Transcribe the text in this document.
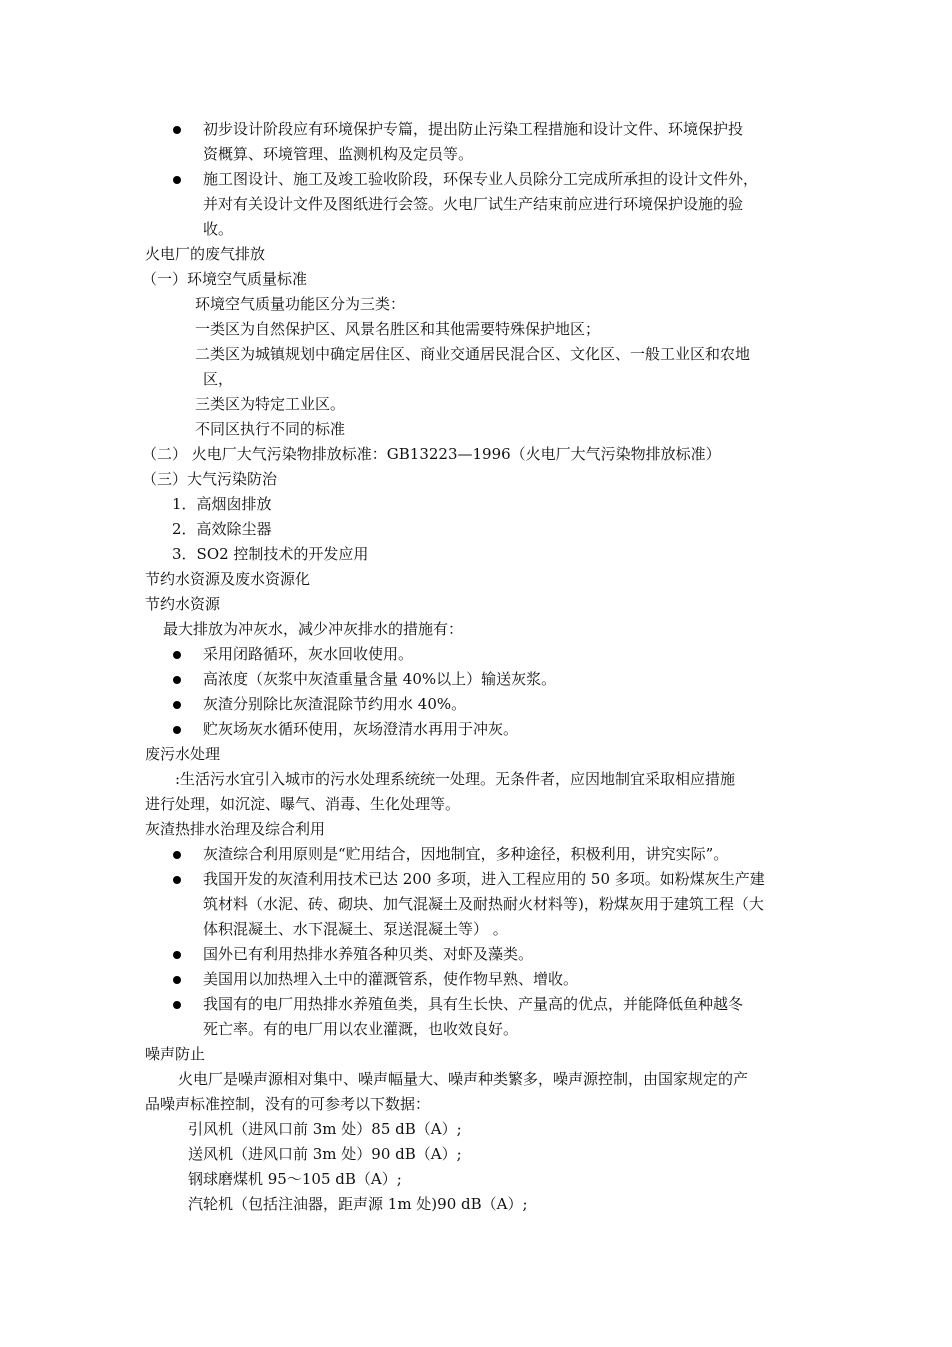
初步设计阶段应有环境保护专篇，提出防止污染工程措施和设计文件、环境保护投
资概算、环境管理、监测机构及定员等。
施工图设计、施工及竣工验收阶段，环保专业人员除分工完成所承担的设计文件外，
并对有关设计文件及图纸进行会签。火电厂试生产结束前应进行环境保护设施的验
收。
火电厂的废气排放
（一）环境空气质量标准
环境空气质量功能区分为三类：
一类区为自然保护区、风景名胜区和其他需要特殊保护地区；
二类区为城镇规划中确定居住区、商业交通居民混合区、文化区、一般工业区和农地
区，
三类区为特定工业区。
不同区执行不同的标准
（二） 火电厂大气污染物排放标准：GB13223—1996（火电厂大气污染物排放标准）
（三）大气污染防治
1．高烟囱排放
2．高效除尘器
3．SO2 控制技术的开发应用
节约水资源及废水资源化
节约水资源
最大排放为冲灰水，减少冲灰排水的措施有：
采用闭路循环，灰水回收使用。
高浓度（灰浆中灰渣重量含量 40%以上）输送灰浆。
灰渣分别除比灰渣混除节约用水 40%。
贮灰场灰水循环使用，灰场澄清水再用于冲灰。
废污水处理
:生活污水宜引入城市的污水处理系统统一处理。无条件者，应因地制宜采取相应措施
进行处理，如沉淀、曝气、消毒、生化处理等。
灰渣热排水治理及综合利用
灰渣综合利用原则是“贮用结合，因地制宜，多种途径，积极利用，讲究实际”。
我国开发的灰渣利用技术已达 200 多项，进入工程应用的 50 多项。如粉煤灰生产建
筑材料（水泥、砖、砌块、加气混凝土及耐热耐火材料等)，粉煤灰用于建筑工程（大
体积混凝土、水下混凝土、泵送混凝土等） 。
国外已有利用热排水养殖各种贝类、对虾及藻类。
美国用以加热埋入土中的灌溉管系，使作物早熟、增收。
我国有的电厂用热排水养殖鱼类，具有生长快、产量高的优点，并能降低鱼种越冬
死亡率。有的电厂用以农业灌溉，也收效良好。
噪声防止
火电厂是噪声源相对集中、噪声幅量大、噪声种类繁多，噪声源控制，由国家规定的产
品噪声标准控制，没有的可参考以下数据：
引风机（进风口前 3m 处）85 dB（A）;
送风机（进风口前 3m 处）90 dB（A）;
钢球磨煤机 95～105 dB（A）;
汽轮机（包括注油器，距声源 1m 处)90 dB（A）;
